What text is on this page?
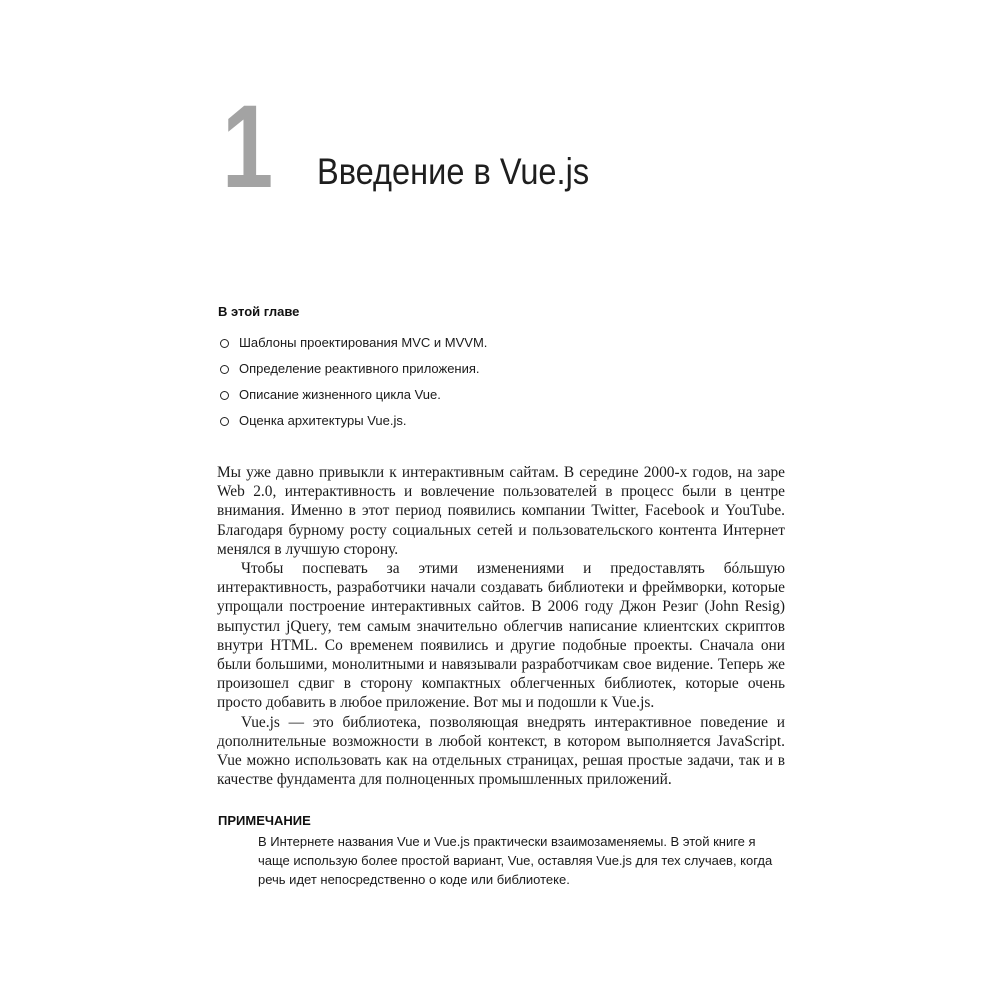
1 Введение в Vue.js
В этой главе
Шаблоны проектирования MVC и MVVM.
Определение реактивного приложения.
Описание жизненного цикла Vue.
Оценка архитектуры Vue.js.

Мы уже давно привыкли к интерактивным сайтам. В середине 2000-х годов, на заре Web 2.0, интерактивность и вовлечение пользователей в процесс были в центре внимания. Именно в этот период появились компании Twitter, Facebook и YouTube. Благодаря бурному росту социальных сетей и пользовательского контента Интернет менялся в лучшую сторону.

Чтобы поспевать за этими изменениями и предоставлять бóльшую интерактивность, разработчики начали создавать библиотеки и фреймворки, которые упрощали построение интерактивных сайтов. В 2006 году Джон Резиг (John Resig) выпустил jQuery, тем самым значительно облегчив написание клиентских скриптов внутри HTML. Со временем появились и другие подобные проекты. Сначала они были большими, монолитными и навязывали разработчикам свое видение. Теперь же произошел сдвиг в сторону компактных облегченных библиотек, которые очень просто добавить в любое приложение. Вот мы и подошли к Vue.js.

Vue.js — это библиотека, позволяющая внедрять интерактивное поведение и дополнительные возможности в любой контекст, в котором выполняется JavaScript. Vue можно использовать как на отдельных страницах, решая простые задачи, так и в качестве фундамента для полноценных промышленных приложений.

ПРИМЕЧАНИЕ

В Интернете названия Vue и Vue.js практически взаимозаменяемы. В этой книге я чаще использую более простой вариант, Vue, оставляя Vue.js для тех случаев, когда речь идет непосредственно о коде или библиотеке.
